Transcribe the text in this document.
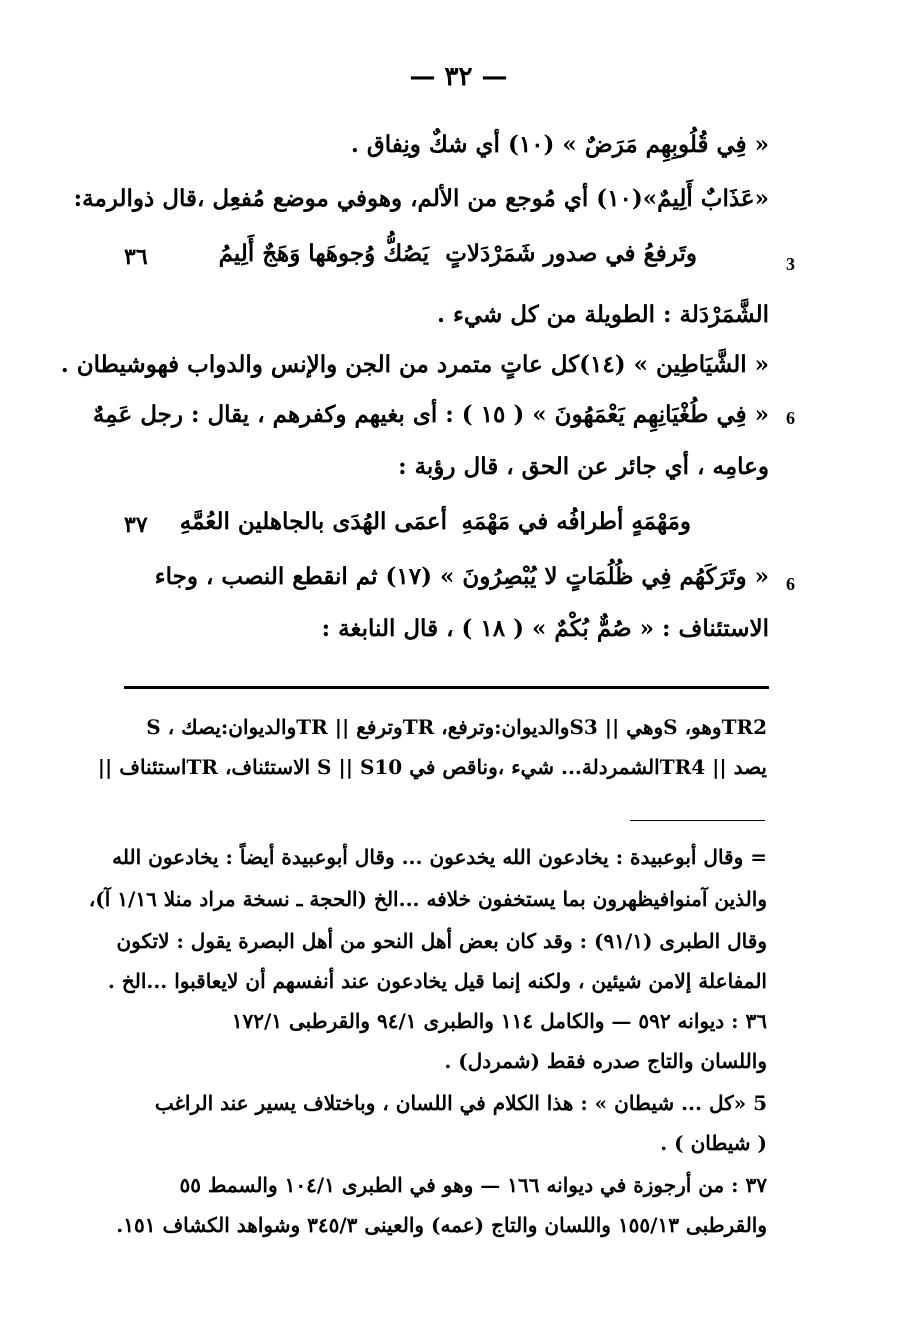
— ٣٢ —
« فِي قُلُوبِهِم مَرَضٌ » (١٠) أي شكٌ ونِفاق .
«عَذَابٌ أَلِيمٌ»(١٠) أي مُوجع من الألم، وهوفي موضع مُفعِل ،قال ذوالرمة:
3
وتَرفعُ في صدور شَمَرْدَلاتٍ
يَصُكُّ وُجوهَها وَهَجٌ أَلِيمُ
٣٦
الشَّمَرْدَلة : الطويلة من كل شيء .
« الشَّيَاطِين » (١٤)كل عاتٍ متمرد من الجن والإنس والدواب فهوشيطان .
6
« فِي طُغْيَانِهِم يَعْمَهُونَ » ( ١٥ ) : أى بغيهم وكفرهم ، يقال : رجل عَمِهٌ
وعامِه ، أي جائر عن الحق ، قال رؤبة :
ومَهْمَهٍ أطرافُه في مَهْمَهِ
أعمَى الهُدَى بالجاهلين العُمَّهِ
٣٧
6
« وتَرَكَهُم فِي ظُلُمَاتٍ لا يُبْصِرُونَ » (١٧) ثم انقطع النصب ، وجاء
الاستئناف : « صُمٌّ بُكْمٌ » ( ١٨ ) ، قال النابغة :
TR2وهو، Sوهي || S3والديوان:وترفع، TRوترفع || TRوالديوان:يصك ، S
يصد || TR4الشمردلة... شيء ،وناقص في S || S10 الاستئناف، TRاستئناف ||
= وقال أبوعبيدة : يخادعون الله يخدعون ... وقال أبوعبيدة أيضاً : يخادعون الله
والذين آمنوافيظهرون بما يستخفون خلافه ...الخ (الحجة ـ نسخة مراد منلا ١/١٦ آ)،
وقال الطبرى (٩١/١) : وقد كان بعض أهل النحو من أهل البصرة يقول : لاتكون
المفاعلة إلامن شيئين ، ولكنه إنما قيل يخادعون عند أنفسهم أن لايعاقبوا ...الخ .
٣٦ : ديوانه ٥٩٢ — والكامل ١١٤ والطبرى ٩٤/١ والقرطبى ١٧٢/١
واللسان والتاج صدره فقط (شمردل) .
5 «كل ... شيطان » : هذا الكلام في اللسان ، وباختلاف يسير عند الراغب
( شيطان ) .
٣٧ : من أرجوزة في ديوانه ١٦٦ — وهو في الطبرى ١٠٤/١ والسمط ٥٥
والقرطبى ١٥٥/١٣ واللسان والتاج (عمه) والعينى ٣٤٥/٣ وشواهد الكشاف ١٥١.
